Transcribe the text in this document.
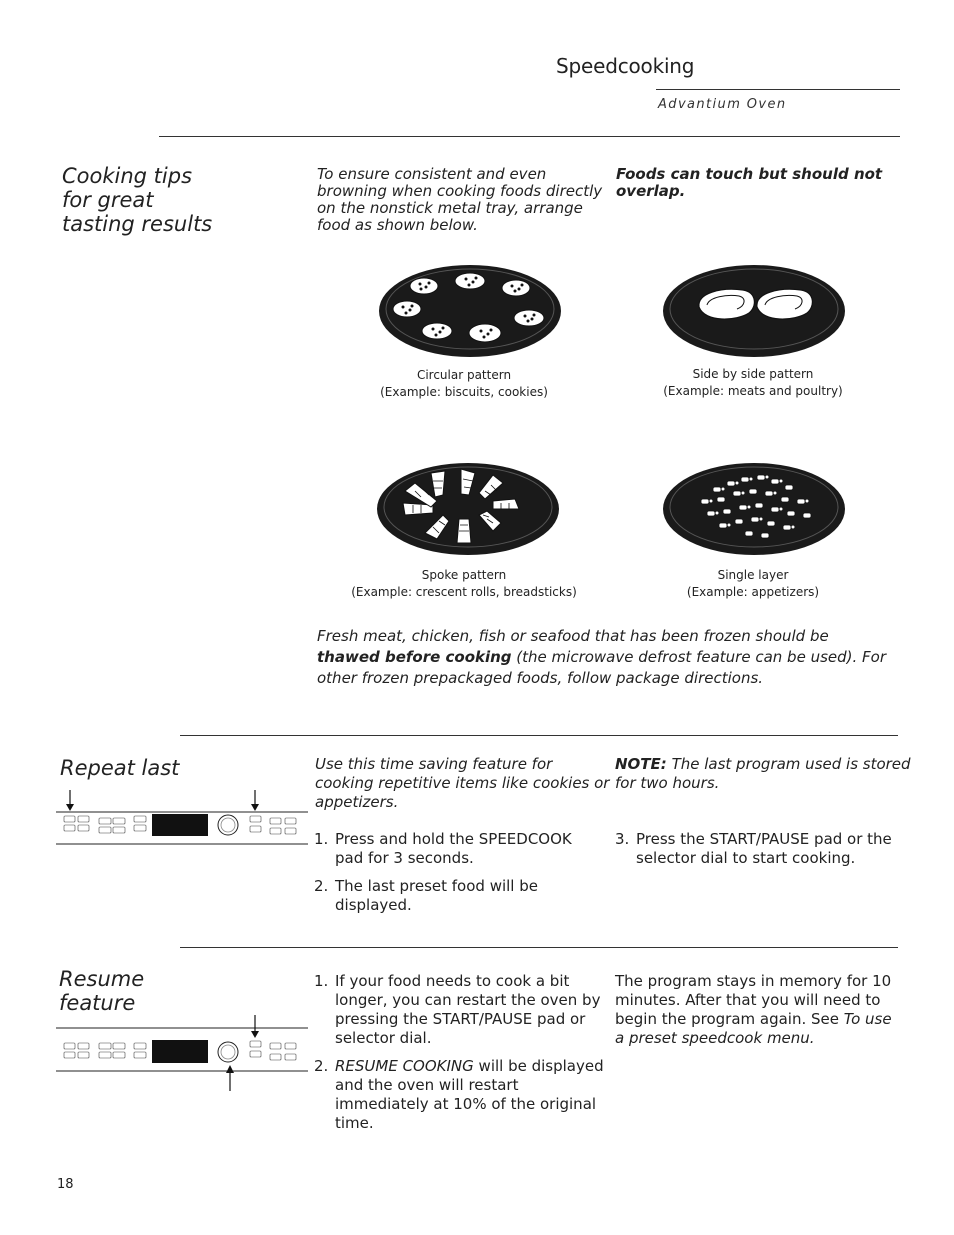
Speedcooking
Advantium Oven
Cooking tips
for great
tasting results
To ensure consistent and even
browning when cooking foods directly
on the nonstick metal tray, arrange
food as shown below.
Foods can touch but should not
overlap.
Circular pattern
(Example: biscuits, cookies)
Side by side pattern
(Example: meats and poultry)
Spoke pattern
(Example: crescent rolls, breadsticks)
Single layer
(Example: appetizers)
Fresh meat, chicken, fish or seafood that has been frozen should be thawed before cooking (the microwave defrost feature can be used). For other frozen prepackaged foods, follow package directions.
Repeat last	Use this time saving feature for
cooking repetitive items like cookies or
appetizers.
NOTE: The last program used is stored
for two hours.
1. Press and hold the SPEEDCOOK pad for 3 seconds.
2. The last preset food will be displayed.
3. Press the START/PAUSE pad or the selector dial to start cooking.
Resume
feature
1. If your food needs to cook a bit longer, you can restart the oven by pressing the START/PAUSE pad or selector dial.
2. RESUME COOKING will be displayed and the oven will restart immediately at 10% of the original time.
The program stays in memory for 10 minutes. After that you will need to begin the program again. See To use a preset speedcook menu.
18
